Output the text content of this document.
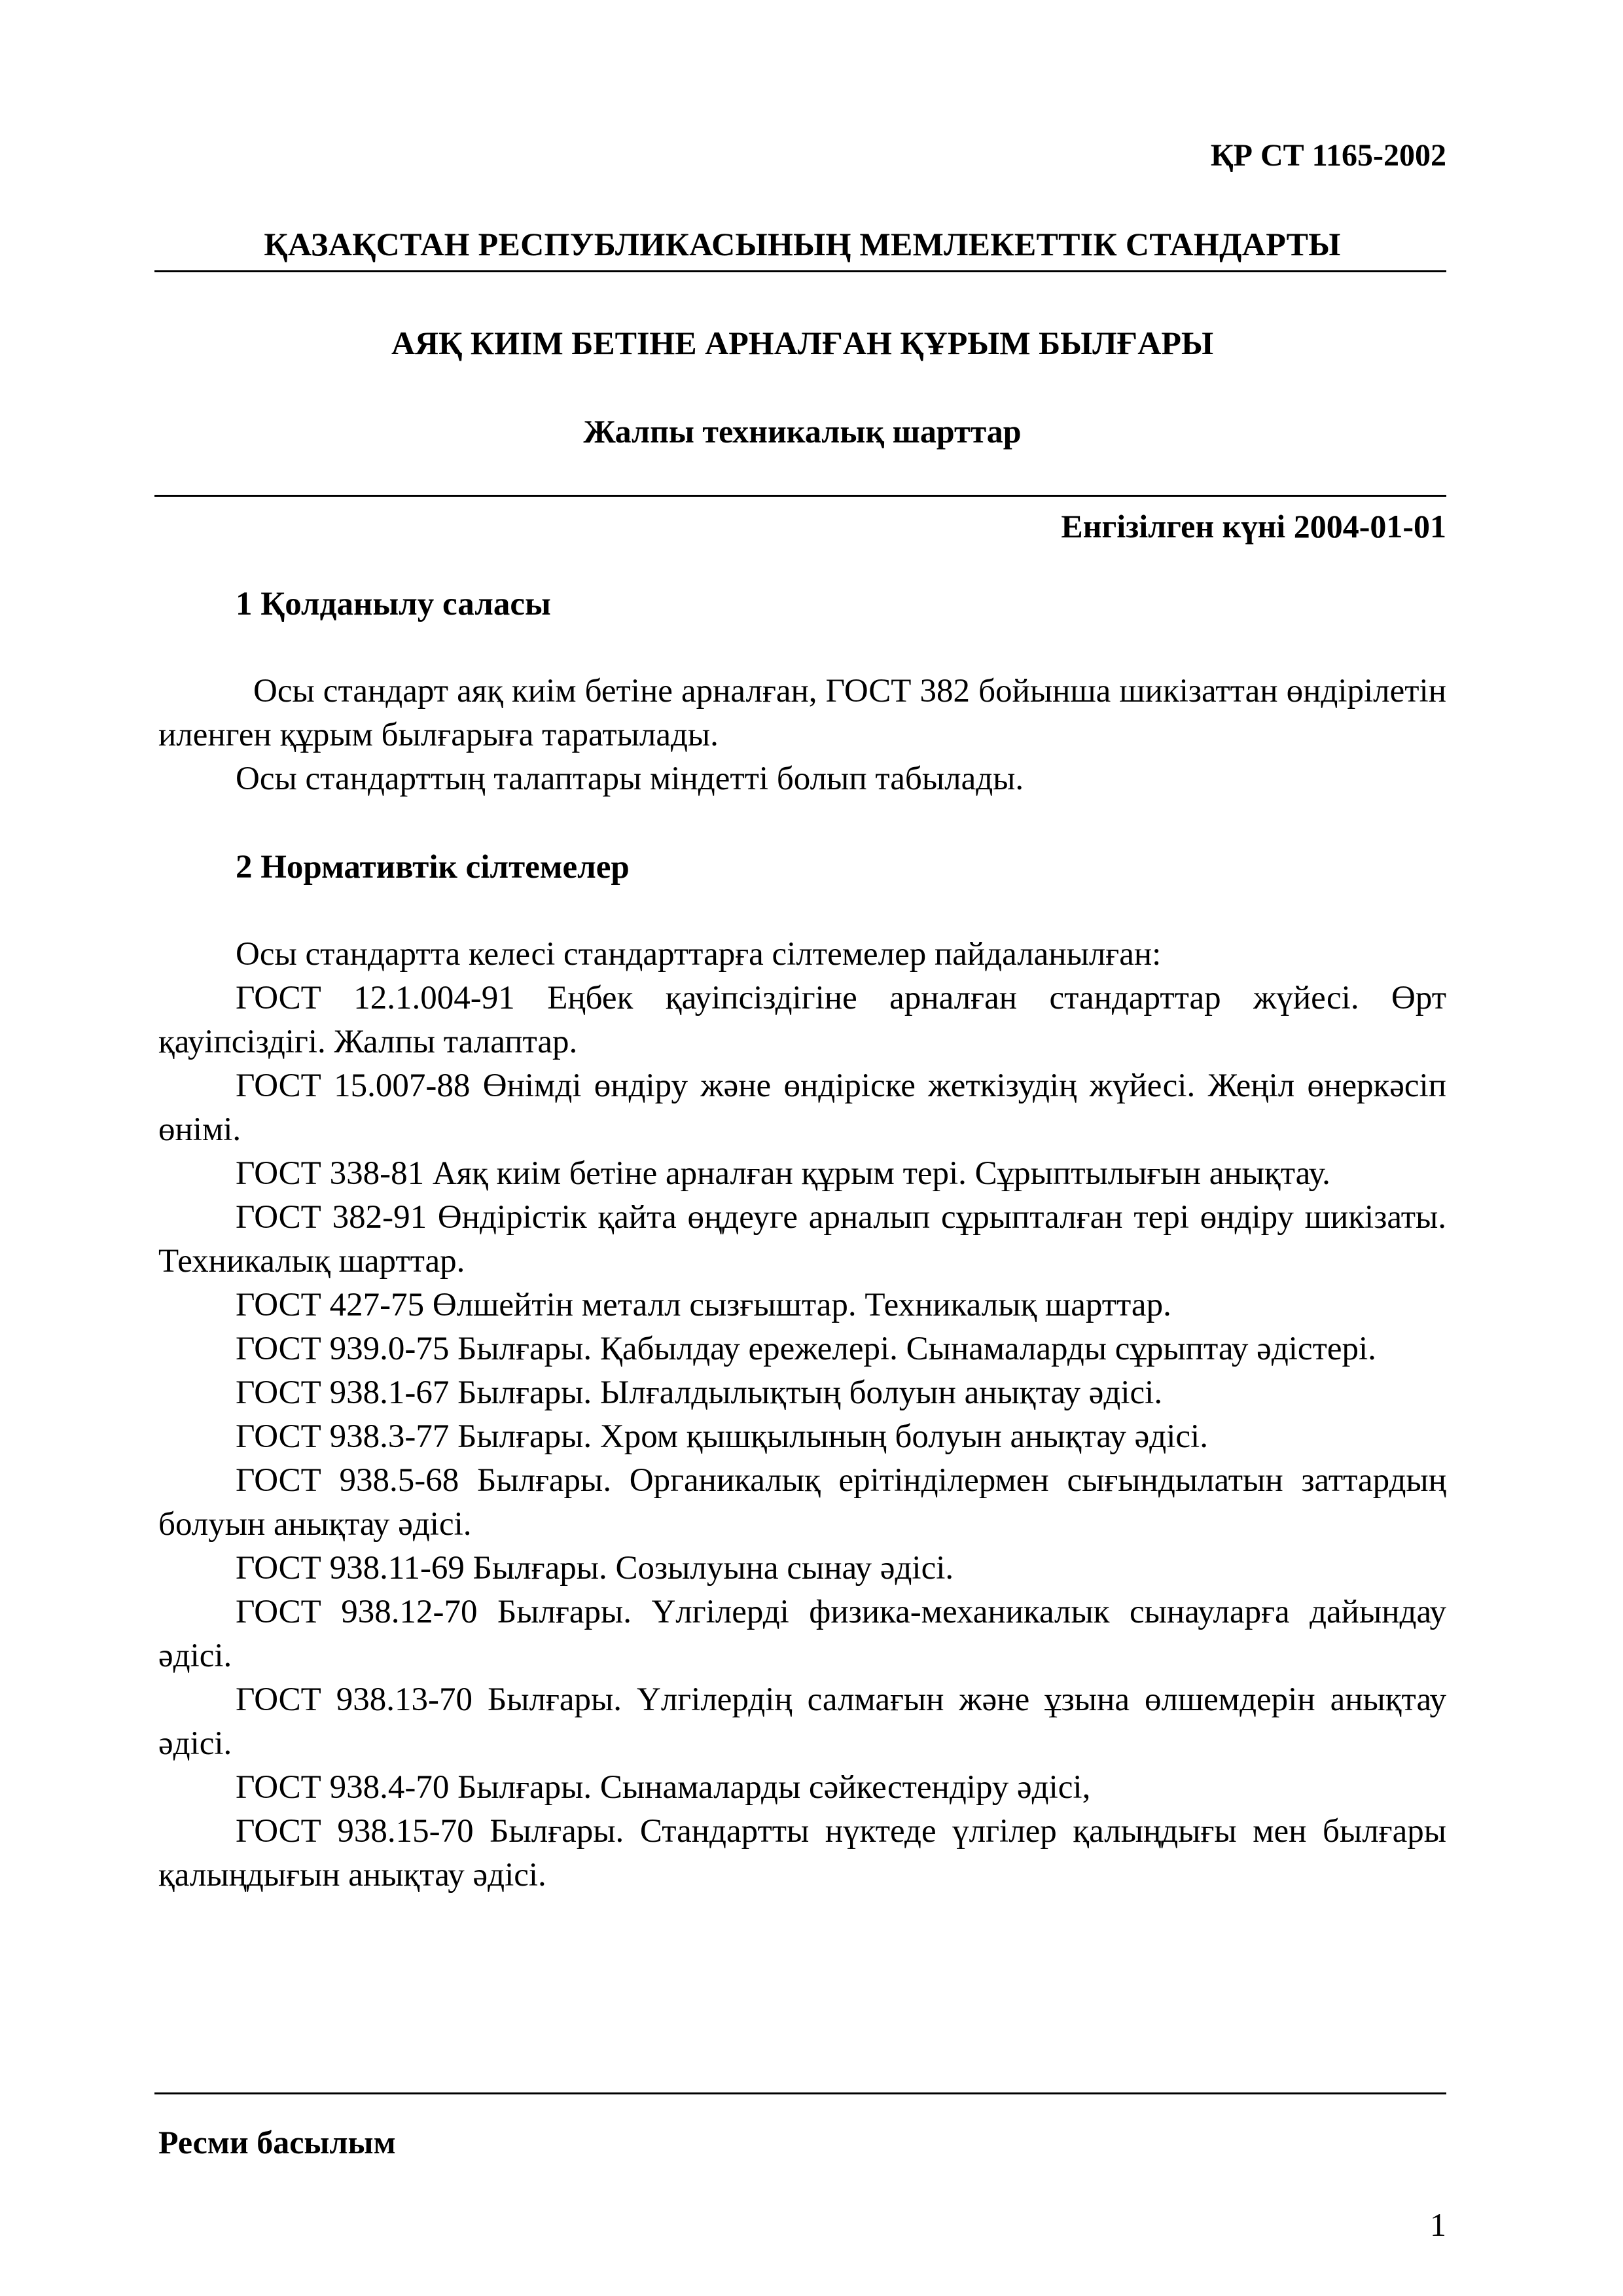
ҚР СТ 1165-2002
ҚАЗАҚСТАН РЕСПУБЛИКАСЫНЫҢ МЕМЛЕКЕТТІК СТАНДАРТЫ
АЯҚ КИІМ БЕТІНЕ АРНАЛҒАН ҚҰРЫМ БЫЛҒАРЫ
Жалпы техникалық шарттар
Енгізілген күні 2004-01-01

1 Қолданылу саласы

Осы стандарт аяқ киім бетіне арналған, ГОСТ 382 бойынша шикізаттан өндірілетін иленген құрым былғарыға таратылады.

Осы стандарттың талаптары міндетті болып табылады.

2 Нормативтік сілтемелер

Осы стандартта келесі стандарттарға сілтемелер пайдаланылған:

ГОСТ 12.1.004-91 Еңбек қауіпсіздігіне арналған стандарттар жүйесі. Өрт қауіпсіздігі. Жалпы талаптар.

ГОСТ 15.007-88 Өнімді өндіру және өндіріске жеткізудің жүйесі. Жеңіл өнеркәсіп өнімі.

ГОСТ 338-81 Аяқ киім бетіне арналған құрым тері. Сұрыптылығын анықтау.

ГОСТ 382-91 Өндірістік қайта өңдеуге арналып сұрыпталған тері өндіру шикізаты. Техникалық шарттар.

ГОСТ 427-75 Өлшейтін металл сызғыштар. Техникалық шарттар.

ГОСТ 939.0-75 Былғары. Қабылдау ережелері. Сынамаларды сұрыптау әдістері.

ГОСТ 938.1-67 Былғары. Ылғалдылықтың болуын анықтау әдісі.

ГОСТ 938.3-77 Былғары. Хром қышқылының болуын анықтау әдісі.

ГОСТ 938.5-68 Былғары. Органикалық ерітінділермен сығындылатын заттардың болуын анықтау әдісі.

ГОСТ 938.11-69 Былғары. Созылуына сынау әдісі.

ГОСТ 938.12-70 Былғары. Үлгілерді физика-механикалык сынауларға дайындау әдісі.

ГОСТ 938.13-70 Былғары. Үлгілердің салмағын және ұзына өлшемдерін анықтау әдісі.

ГОСТ 938.4-70 Былғары. Сынамаларды сәйкестендіру әдісі,

ГОСТ 938.15-70 Былғары. Стандартты нүктеде үлгілер қалыңдығы мен былғары қалыңдығын анықтау әдісі.

Ресми басылым
1
